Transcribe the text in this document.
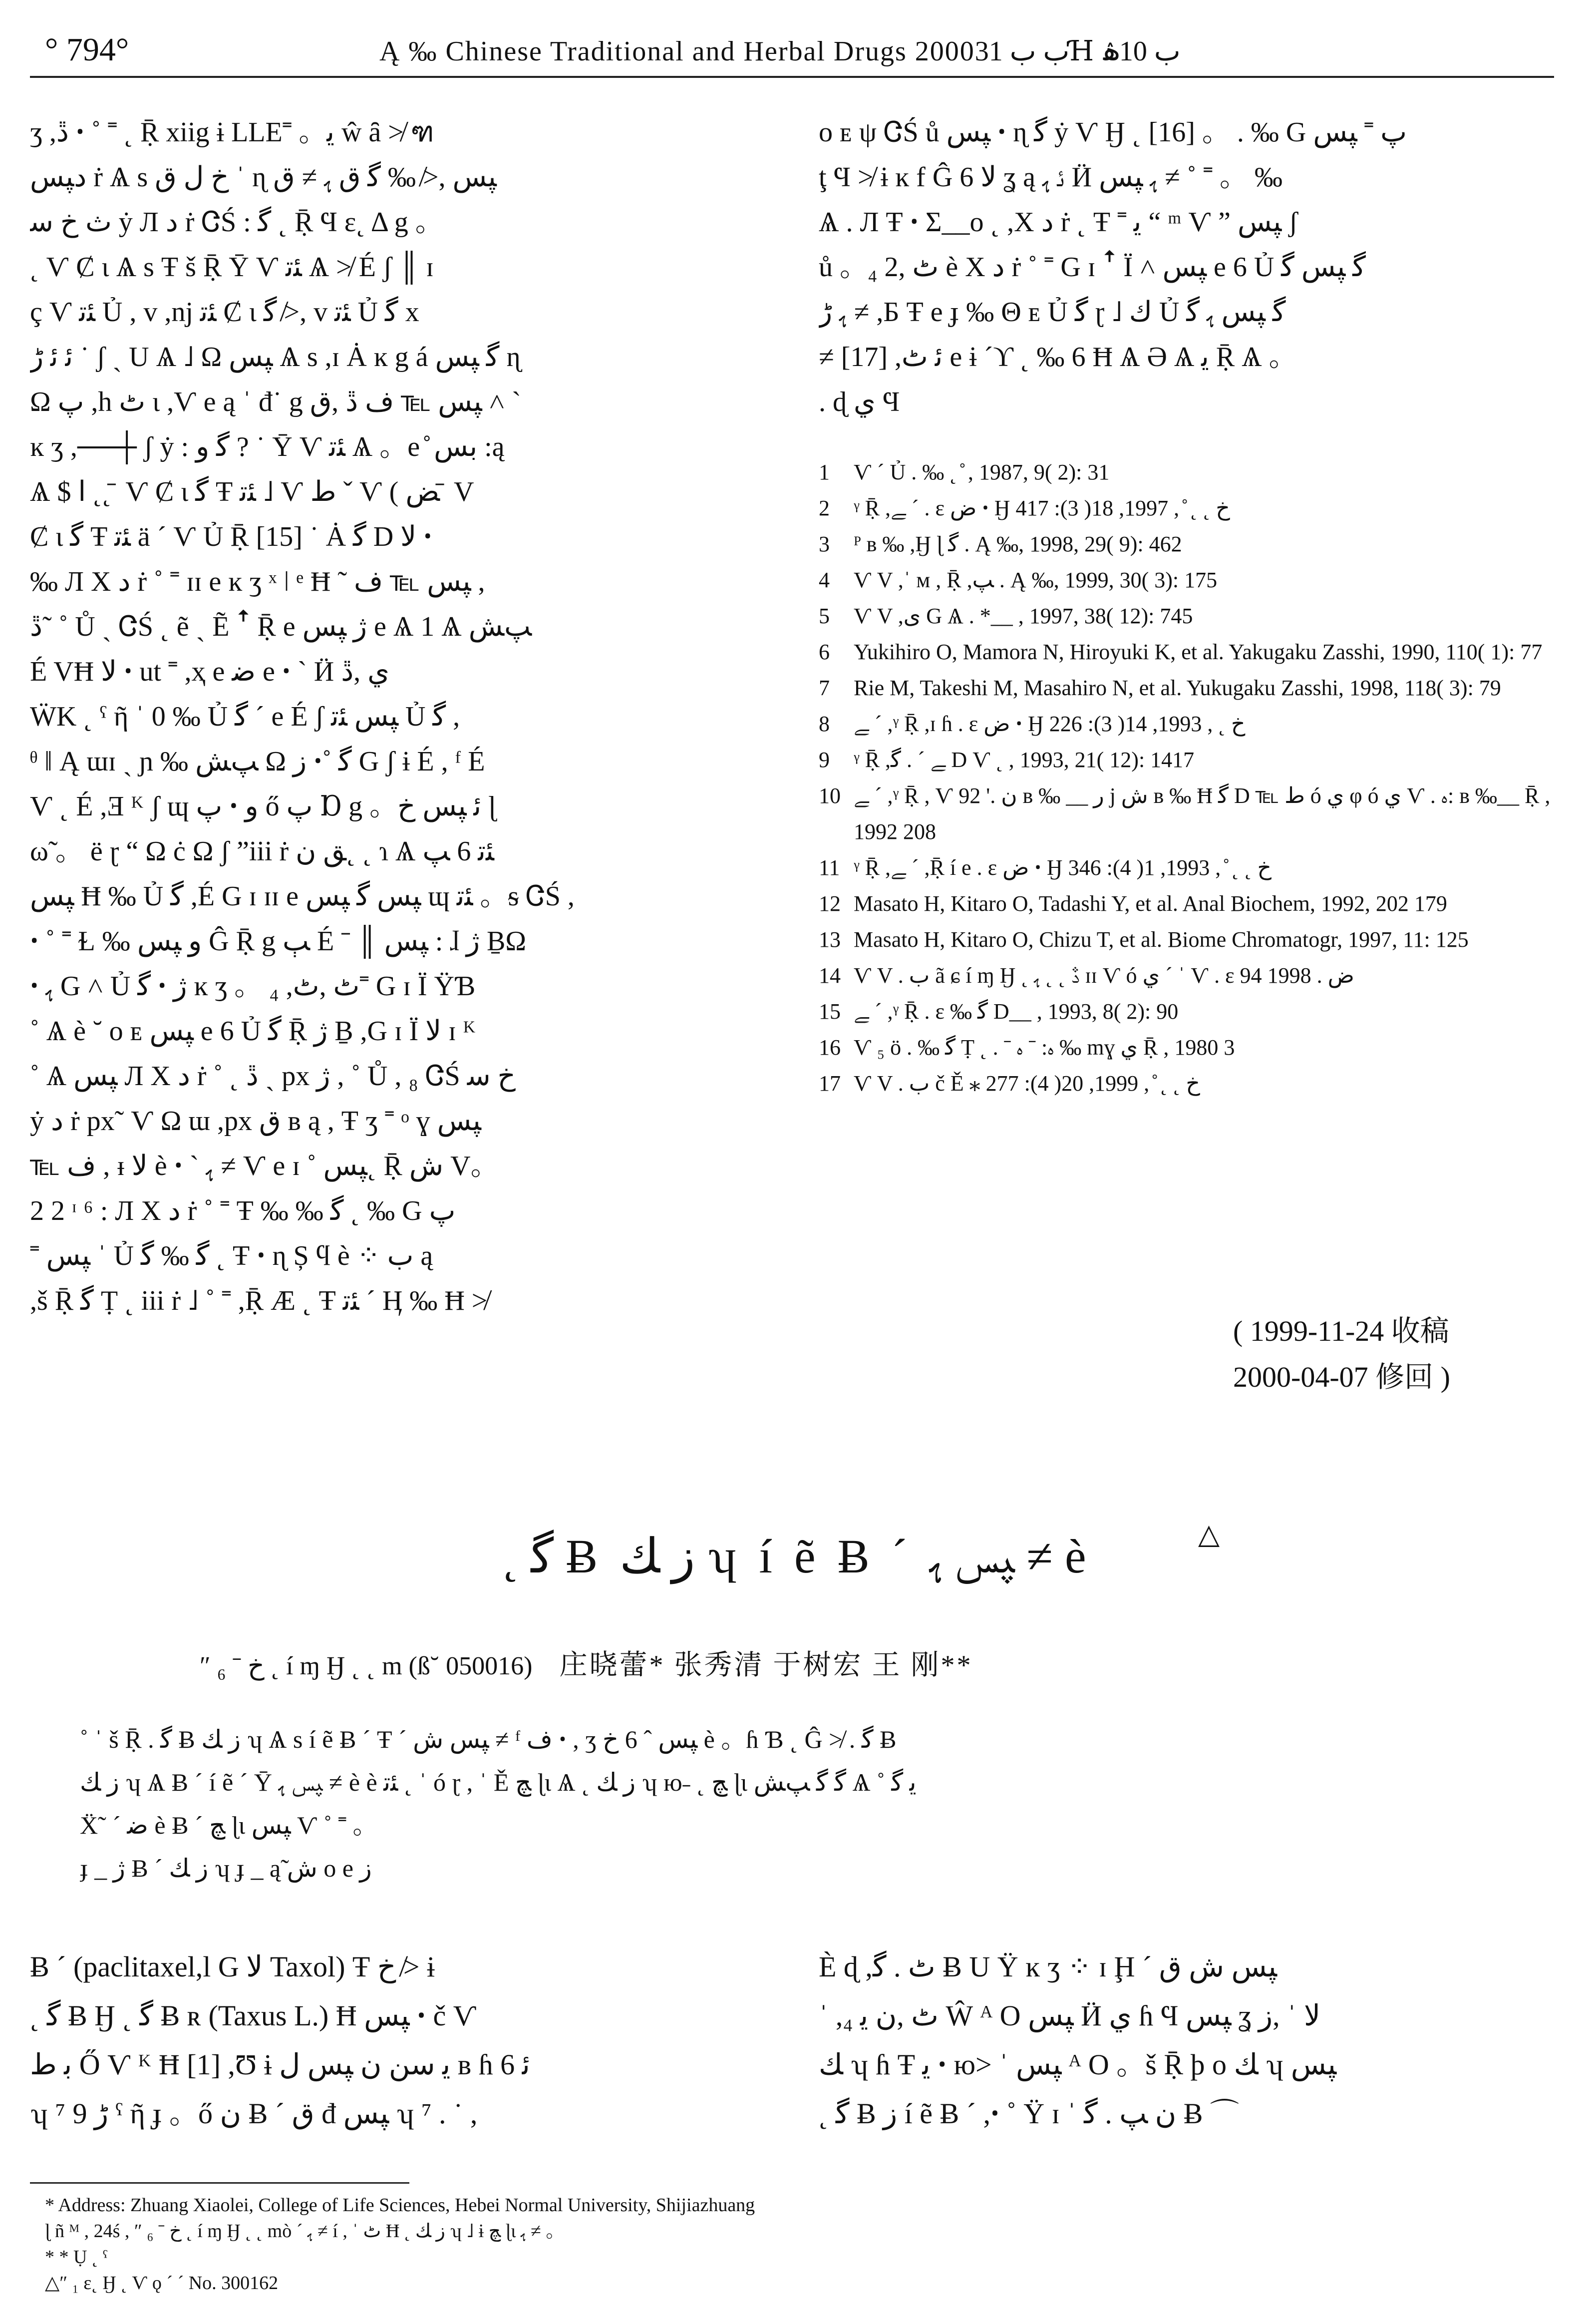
° 794°	Ą ‰ Chinese Traditional and Herbal Drugs 2000ب ب 31Ɦ ب 10ۿ

ʒ ,ڐ ꞏ ˚ ˭ ˛ Ṝ xiig ɨ LLE˭ 。ﻳ ŵ ȃ ≯ ฑ

ﺩﭙﺲ ṙ Ѧ s ﺥ ﻝ ﻕ ˈ ɳ ﭙﺲ ,≯ ‰ ﮔ ﻕ ﮨ ≠ ﻕ

ث ﺥ ﺳ ẏ Л ﺩ ṙ ᏣŚ : ﮔ ˛ Ṝ Ϥ ε˛ Δ g 。

˛ Ѵ Ȼ ι Ѧ s Ŧ š Ṝ Ῡ Ѵ ﺌﺗ Ѧ ≯ É ʃ ║ ɪ

ç Ѵ ﺌﺗ Ủ , v ,nj ﺌﺗ Ȼ ι ﮔ ≯, v ﺌﺗ Ủ ﮔ x

ﺋ ﺋ ڑ ˙ ʃ ˎ U Ѧ ˩ Ω ﭙﺲ Ѧ s ,ɪ Ȧ ĸ g á ﮔ ﭙﺲ ɳ

Ω ﭖ ,h ﭦ ɩ ,Ѵ e ą ˈ đ˙ g ﭙﺲ ℡ ﻑ ڐ ,ﻕ ˄ ˋ

ĸ ʒ ,──┼ ʃ ẏ : ﮔ ﻭ ? ˙ Ῡ Ѵ ﺌﺗ Ѧ 。e ̊ ﺑﺲ :ą

Ѧ $ ﺍ ˛˛ ̄ Ѵ Ȼ ι ﮔ Ŧ ﺌﺗ ˩ Ѵ ﻁ ˇ Ѵ ( ﺾ ̄ V

Ȼ ι ﮔ Ŧ ﺌﺗ ä ˊ Ѵ Ủ Ṝ [15] ˙ Ȧ ﮔ D ﻻ ꞏ

‰ Л X ﺩ ṙ ˚ ˭ ɪɪ e ĸ ʒ ˣ ǀ ᵉ Ħ ˜ ﭙﺲ ℡ ﻑ ,

ڐ˜ ˚ Ů ˎ ᏣŚ ˛ ẽ ˎ Ẽ ꜛ Ṝ e ﮊ ﭙﺲ e Ѧ 1 Ѧ ﭗﺶ

É VĦ ﻻ ꞏ ut ˭ ,ҳ e ﺿ e ꞏ ˋ Ӥ ﻱ ,ڐ

ẄK ˛ ˤ ῆ ˈ 0 ‰ Ủ ﮔ ˊ e É ʃ ﭙﺲ ﺌﺗ Ủ ﮔ ,

ᶿ ‖ Ą ɯɪ ˎ ɲ ‰ ﭗﺶ Ω ﺯ ꞏ˚ ﮔ G ʃ ɨ É , ᶠ É

Ѵ ˛ É ,Ǝ ᴷ ʃ ɰ ﭖ ꞏ ﻭ ő ﭖ Ɒ g 。ﺋ ﭙﺲ ﺥ ɭ

ω̃ 。 ë ɽ “ Ω ċ Ω ʃ ”iii ṙ ﻖ ﻥ˛ ˛ ɿ Ѧ ﺌﺗ 6 ﭗ

ﭙﺲ Ħ ‰ Ủ ﮔ ,É G ɪ ɪɪ e ﭙﺲ ﮔ ﭙﺲ ɰ ﺌﺗ 。ᵴ ᏣŚ ,

ꞏ ˚ ˭ Ɫ ‰ ﻭ ﭙﺲ Ĝ Ṝ g ﭓ É ˉ ║ ﭙﺲ : ɺ ﮊ ḆΩ

ꞏ ﮨ G ˄ Ủ ﮔ ꞏ ﮊ ĸ ʒ 。 ₄ ,ﭦ ,ﭦ˭ G ɪ Ï ŸƁ

˚ Ѧ è ˘ ᴏ ᴇ ﭙﺲ e 6 Ủ ﮔ Ṝ ﮊ Ḇ ,G ɪ Ï ﻻ ɪ ᴷ

˚ Ѧ ﭙﺲ Л X ﺩ ṙ ˚ ˛ ڐ ˎ px ﮊ , ˚ Ů , ₈ ᏣŚ ﺥ ﺳ

ẏ ﺩ ṙ px˜ Ѵ Ω ɯ ,px ﻕ ʙ ą , Ŧ ʒ ˭ ᵒ ɣ ﭙﺲ

℡ ﻑ , ᵻ ﻻ è ꞏ ˋ ﮨ ≠ Ѵ e ɪ ˚ ﭙﺲ˛ Ṝ ﺵ V。

2 2 ᶦ ⁶ : Л X ﺩ ṙ ˚ ˭ Ŧ ‰ ‰ ﮔ ˛ ‰ G ﭖ

˭ ﭙﺲ ˈ Ủ ﮔ ‰ ﮔ ˛ Ŧ ꞏ ɳ Ș ϥ è ⁘ ﺏ ą

,š Ṝ ﮔ Ṭ ˛ iii ṙ ˩ ˚ ˭ ,Ṝ Æ ˛ Ŧ ﺌﺗ ˊ Ӊ ‰ Ħ ≯

ᴏ ᴇ ψ ᏣŚ ů ﭙﺲ ꞏ ɳ ﮔ ẏ Ѵ Ӈ ˛ [16] 。 . ‰ G ﭖ ˭ ﭙﺲ

ţ Ϥ ≯ ɨ ĸ f Ĝ 6 ﻻ ʓ ą ﺋ ﮨ Ӥ ﮨ ﭙﺲ ≠ ˚ ˭ 。 ‰

Ѧ . Л Ŧ ꞏ Σ__ᴏ ˛ ,X ﺩ ṙ ˛ Ŧ ˭ ﻳ “ ᵐ Ѵ ” ﭙﺲ ʃ

ů 。₄ ﭦ ,2 è X ﺩ ṙ ˚ ˭ G ɪ ꜛ Ï ˄ ﭙﺲ e 6 Ủ ﮔ ﭙﺲ ﮔ

ﮨ ڑ ≠ ,Б Ŧ e ɟ ‰ Θ ᴇ Ủ ﮔ ɽ ˩ ﻙ Ủ ﮔ ﭙﺲ ﮨ ﮔ

≠ [17] ,ﺋ ﭦ e ɨ ˊϒ ˛ ‰ 6 Ħ Ѧ Ә Ѧ ﻳ Ṝ Ѧ 。

. ɖ ﻱ Ϥ

1	Ѵ ˊ Ủ . ‰ ˛ ̊ , 1987, 9( 2): 31
2	ᵞ Ṝ ,ﮯ ˊ . ɛ ﺽ ꞏ Ӈ ﺥ ˛ ˛ ̊ , 1997, 18( 3): 417
3	ᴾ ʙ ‰ ,Ӈ ɭ ﮔ . Ą ‰, 1998, 29( 9): 462
4	Ѵ V ,ˈ ᴍ , Ṝ ,ﭗ . Ą ‰, 1999, 30( 3): 175
5	Ѵ V ,ﻯ G Ѧ . *__ , 1997, 38( 12): 745
6	Yukihiro O, Mamora N, Hiroyuki K, et al. Yakugaku Zasshi, 1990, 110( 1): 77
7	Rie M, Takeshi M, Masahiro N, et al. Yukugaku Zasshi, 1998, 118( 3): 79
8	ﮯ ˊ ,ᵞ Ṝ ,ɪ ɦ . ɛ ﺽ ꞏ Ӈ ﺥ ˛ , 1993, 14( 3): 226
9	ᵞ Ṝ ,ﮯ ˊ . ﮔ D Ѵ ˛ , 1993, 21( 12): 1417
10 ﮯ ˊ ,ᵞ Ṝ , Ѵ ﻥ .' 92 ʙ ‰ __ ﺭ j ﺵ ʙ ‰ Ħ ﮔ D ℡ ﻁ ó ﻱ φ ó ﻱ Ѵ . ﮦ: ʙ ‰__ Ṝ , 1992 208
11 ᵞ Ṝ ,ﮯ ˊ ,Ṝ í e . ɛ ﺽ ꞏ Ӈ ﺥ ˛ ˛ ̊ , 1993, 1( 4): 346
12 Masato H, Kitaro O, Tadashi Y, et al. Anal Biochem, 1992, 202 179
13 Masato H, Kitaro O, Chizu T, et al. Biome Chromatogr, 1997, 11: 125
14 Ѵ V . ﺏ ã ɕ í ɱ Ӈ ˛ ڐ ˛ ˛ ﮨ ɪɪ Ѵ ó ﻱ ˊ ˈ Ѵ . ɛ ﺽ . 1998 94
15 ﮯ ˊ ,ᵞ Ṝ . ɛ ‰ ﮔ D__ , 1993, 8( 2): 90
16 Ѵ ₅ ö . ‰ ﮔ Ṭ ˛ . ˉ ﮦ: ˉ ﮦ ‰ mɣ ﻱ Ṝ , 1980 3
17 Ѵ V . ﺏ č Ě ⁎ ﺥ ˛ ˛ ̊ , 1999, 20( 4): 277
( 1999-11-24 收稿
2000-04-07 修回 )
˛ ﮔ Ƀ ﺯ ﻚ ʮ í ẽ Ƀ ˊ ﭙﺲ ﮨ ≠ è	△
″ ₆ ˉ ﺥ ˛ í ɱ Ӈ ˛ ˛ m (ß˘ 050016) 庄晓蕾* 张秀清 于树宏 王 刚**

˚ ˈ š Ṝ . ﮔ Ƀ ﺯ ﻚ ʮ Ѧ s í ẽ Ƀ ˊ Ŧ ˊ ﭙﺲ ﺵ ≠ ᶠ ﻑ ꞏ , ʒ ﭙﺲ ˆ 6 ﺥ è 。ɦ Ɓ ˛ Ĝ ≯ . ﮔ Ƀ

ﺯ ﻚ ʮ Ѧ Ƀ ˊ í ẽ ˊ Ῡ ﭙﺲ ﮨ ≠ è è ﺌﺗ ˛ ˈ ó ɽ , ˈ Ě ﭻ ɭɩ Ѧ ˛ ﺯ ﻚ ʮ ю˗ ˛ ﭻ ɭɩ ﮔ ﮔ ﭗﺶ Ѧ ˚ ﻳ ﮔ

Ẍ˜ ˊ ﺿ è Ƀ ˊ ﭻ ɭɩ ﭙﺲ Ѵ ˚ ˭ 。

ɟ _ ﮊ Ƀ ˊ ﺯ ﻚ ʮ ɟ _ ą̃ ﺵ ᴏ e ﺯ

Ƀ ˊ (paclitaxel,l G ﻻ Taxol) Ŧ ﺥ ≯ ɨ

˛ ﮔ Ƀ Ӈ ˛ ﮔ Ƀ ʀ (Taxus L.) Ħ ﭙﺲ ꞏ č Ѵ

ﺑ ﻁ Ő Ѵ ᴷ Ħ [1] ,Ʊ ɨ ﻳ ﺳﻦ ﻥ ﭙﺲ ﻝ ʙ ɦ 6 ﺋ

ʮ ⁷ 9 ڑ ˤ ῆ ɟ 。ő ﻥ Ƀ ˊ ﻕ đ ﭙﺲ ʮ ⁷ . ˙ ,

È ɖ ,ﭦ . ﮔ Ƀ U Ÿ ĸ ʒ ⁘ ɪ Ḩ ˊ ﭙﺲ ﺵ ﻕ

ˈ ,₄ ﭦ ,ﻥ ﻳ Ŵ ᴬ Ο ﭙﺲ Ӥ ﻱ ɦ Ϥ ﭙﺲ ʓ ﻻ ˈ ,ﺯ

ﻚ ʮ ɦ Ŧ ﻳ ꞏ ю> ˈ ﭙﺲ ᴬ Ο 。š Ṝ þ ᴏ ﻚ ʮ ﭙﺲ

˛ ﮔ Ƀ ﺯ í ẽ Ƀ ˊ ,ꞏ ˚ Ÿ ɪ ˈ ﻥ ﭗ . ﮔ Ƀ ⌒

* Address: Zhuang Xiaolei, College of Life Sciences, Hebei Normal University, Shijiazhuang

ɭ ñ ᴹ , 24ś , ″ ₆ ˉ ﺥ ˛ í ɱ Ӈ ˛ ˛ mò ˊ ﮨ ≠ í , ˈ ﭦ Ħ ˛ ﺯ ﻚ ʮ ˩ ɨ ﭻ ɭɩ ﮨ ≠ 。

* * Ụ ˛ ˤ

△″ ₁ ɛ˛ Ӈ ˛ Ѵ ǫ ˊ ˊ No. 300162
